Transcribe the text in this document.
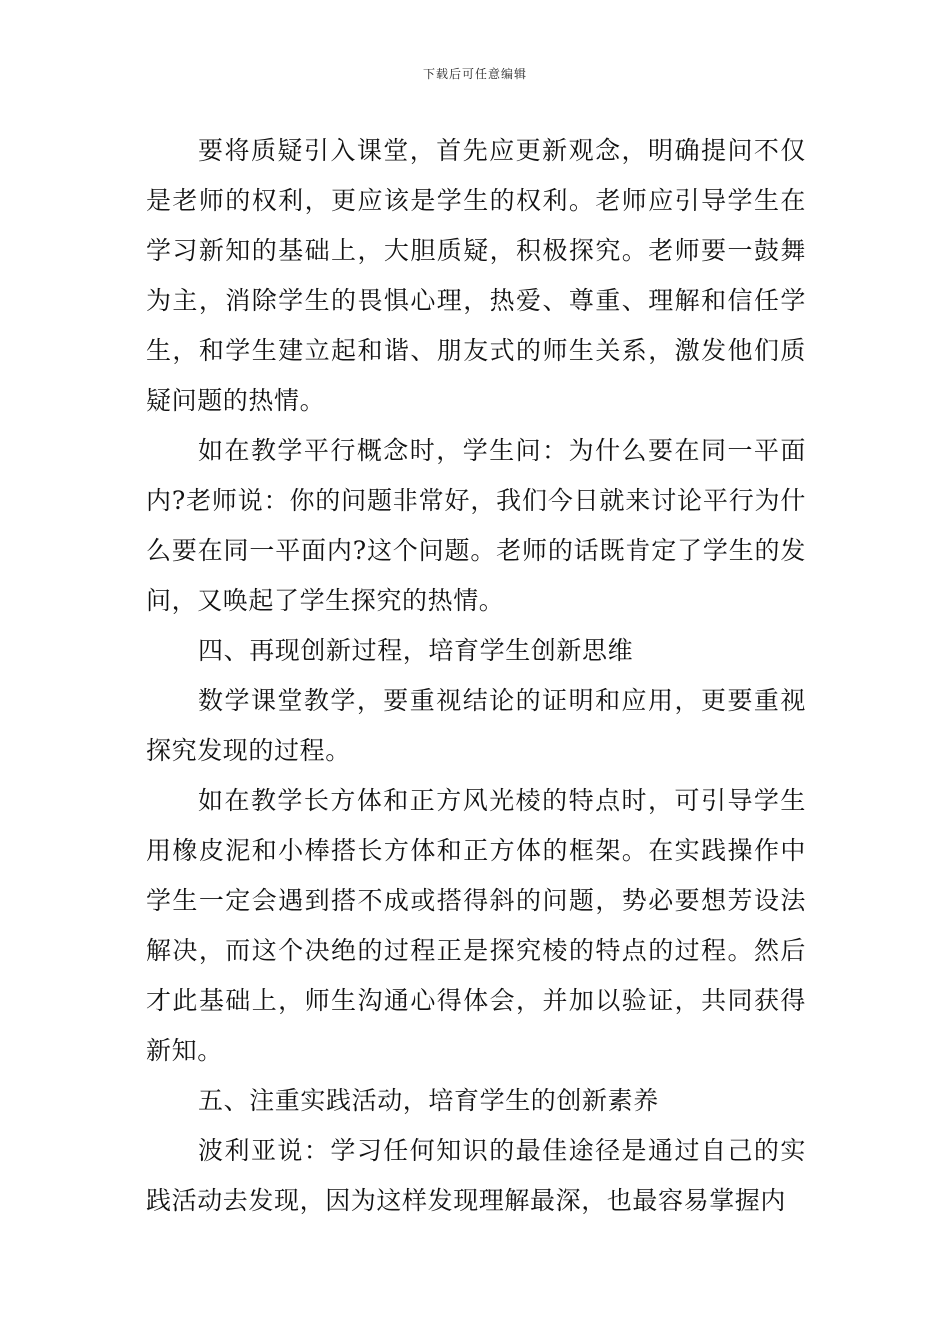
下载后可任意编辑

要将质疑引入课堂，首先应更新观念，明确提问不仅是老师的权利，更应该是学生的权利。老师应引导学生在学习新知的基础上，大胆质疑，积极探究。老师要一鼓舞为主，消除学生的畏惧心理，热爱、尊重、理解和信任学生，和学生建立起和谐、朋友式的师生关系，激发他们质疑问题的热情。

如在教学平行概念时，学生问：为什么要在同一平面内?老师说：你的问题非常好，我们今日就来讨论平行为什么要在同一平面内?这个问题。老师的话既肯定了学生的发问，又唤起了学生探究的热情。

四、再现创新过程，培育学生创新思维

数学课堂教学，要重视结论的证明和应用，更要重视探究发现的过程。

如在教学长方体和正方风光棱的特点时，可引导学生用橡皮泥和小棒搭长方体和正方体的框架。在实践操作中学生一定会遇到搭不成或搭得斜的问题，势必要想芳设法解决，而这个决绝的过程正是探究棱的特点的过程。然后才此基础上，师生沟通心得体会，并加以验证，共同获得新知。

五、注重实践活动，培育学生的创新素养

波利亚说：学习任何知识的最佳途径是通过自己的实践活动去发现，因为这样发现理解最深，也最容易掌握内
